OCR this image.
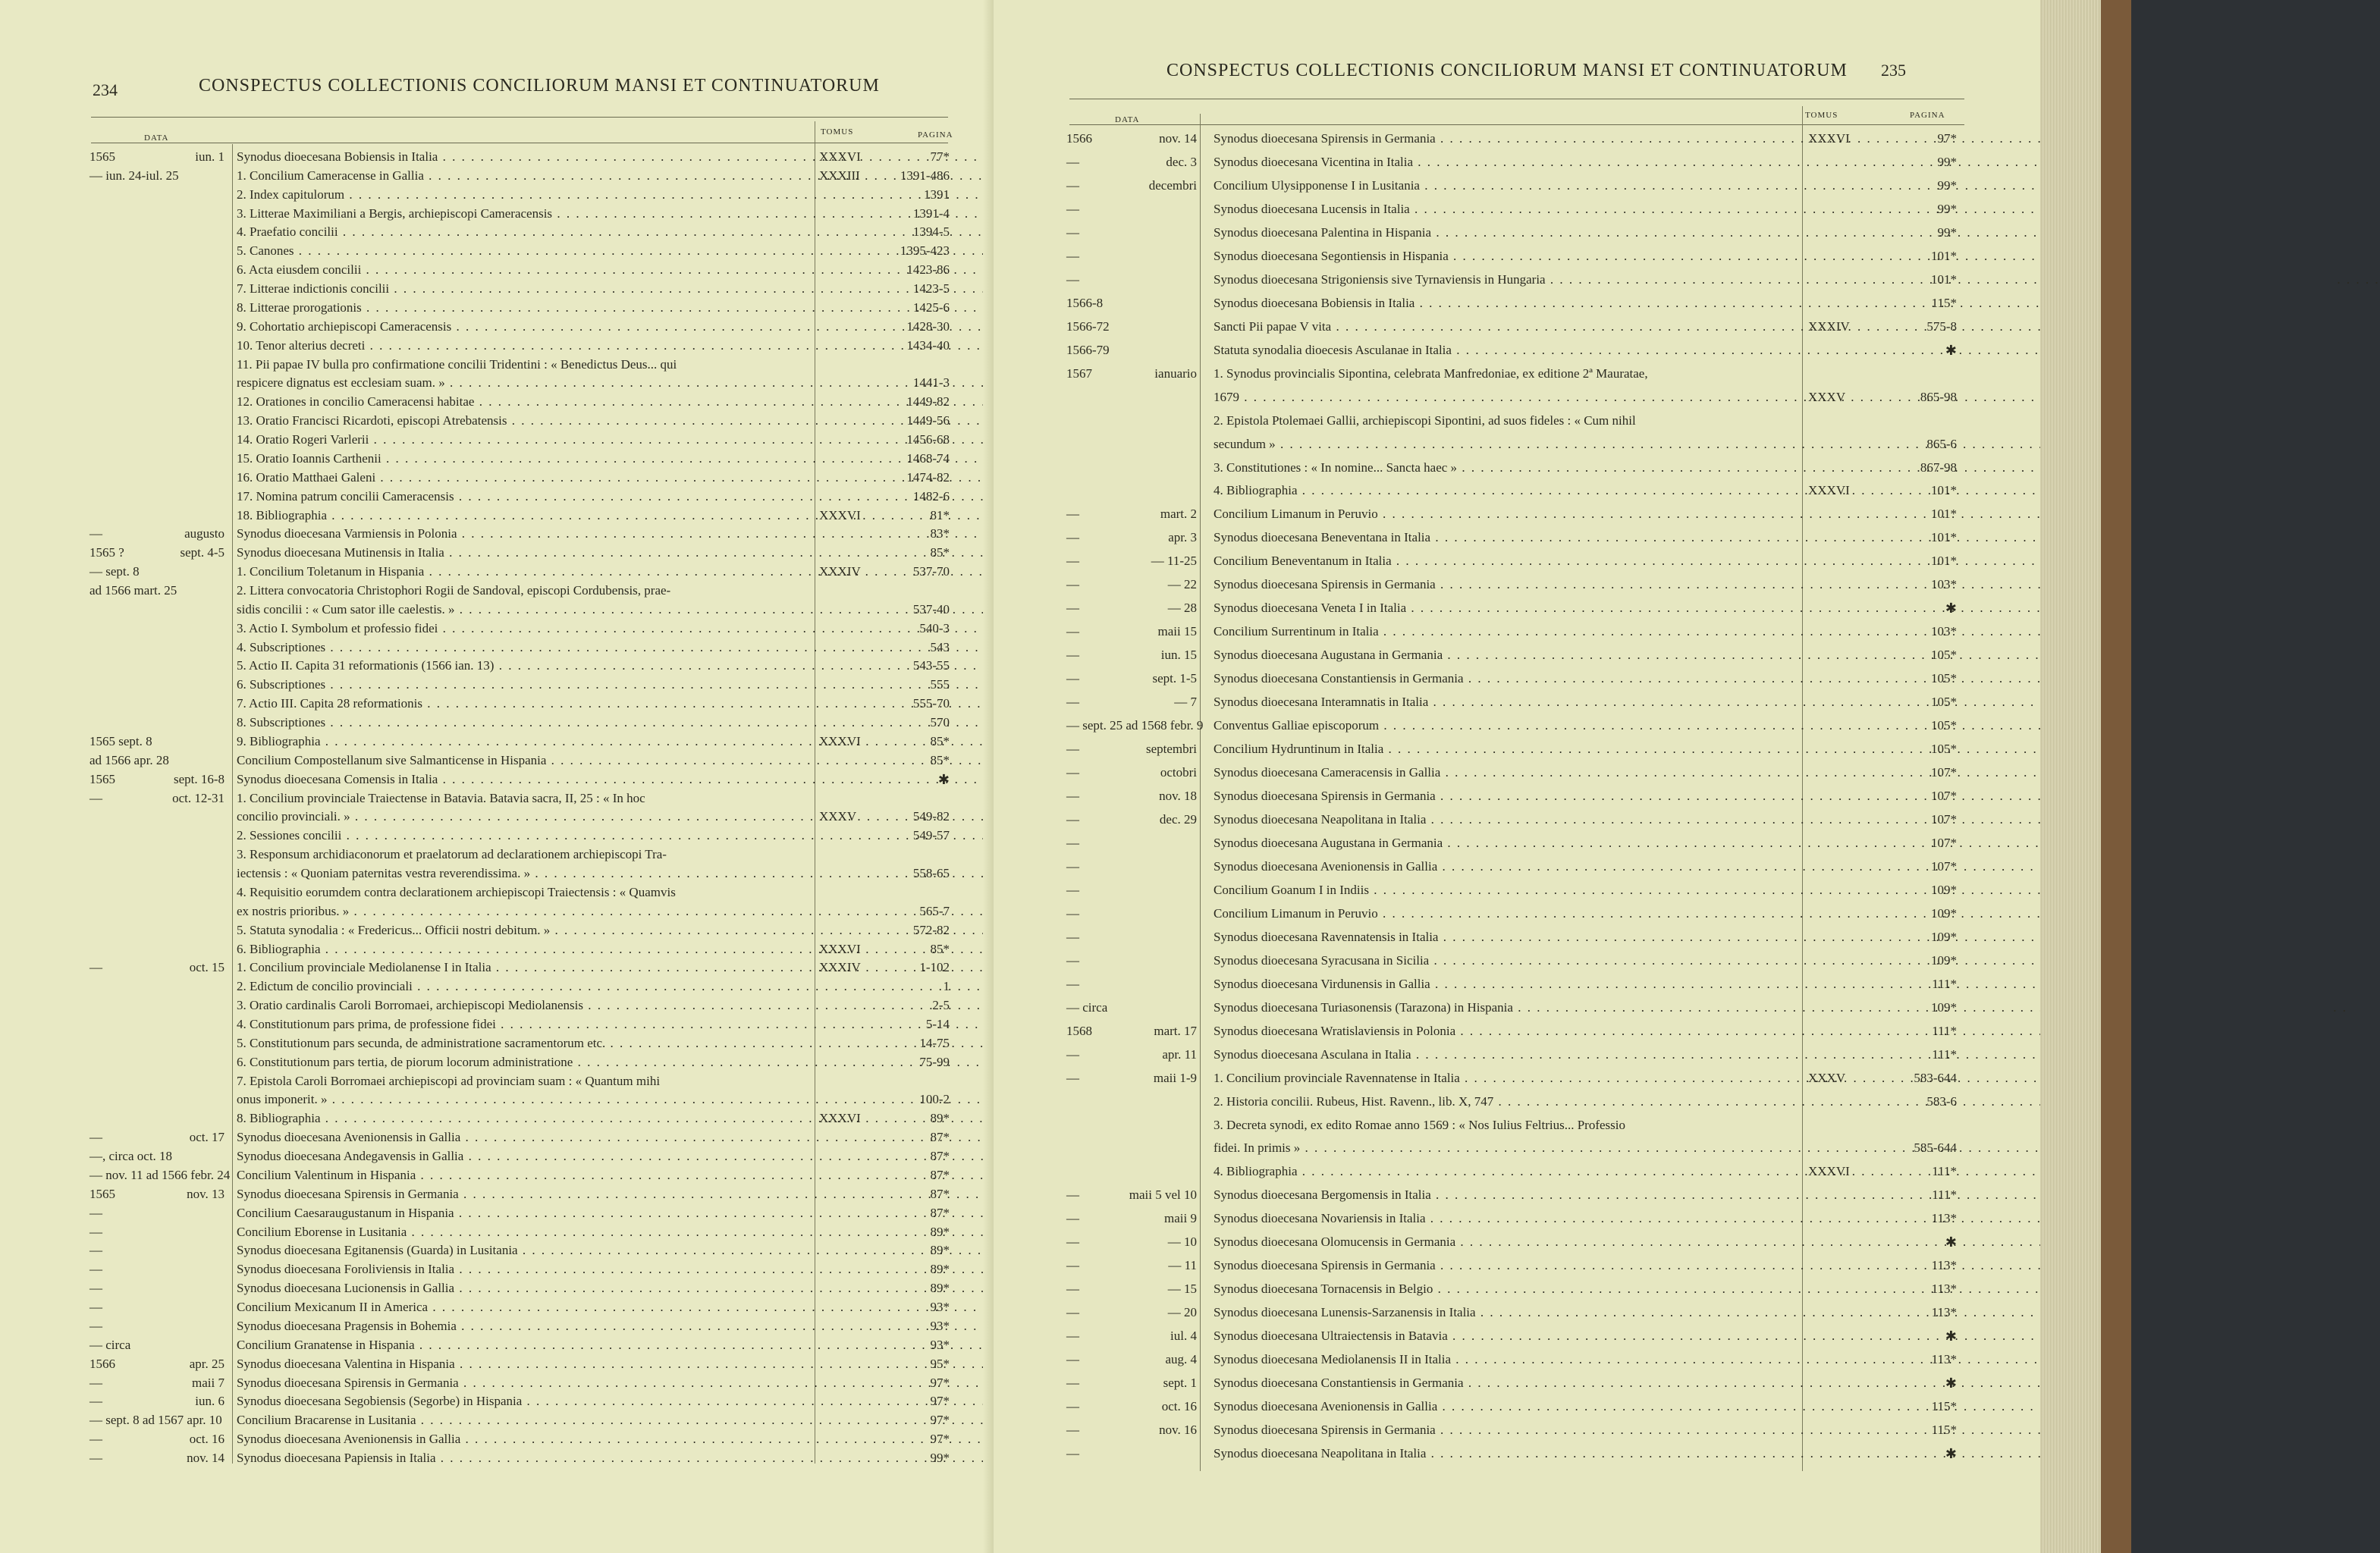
234	CONSPECTUS COLLECTIONIS CONCILIORUM MANSI ET CONTINUATORUM
DATA
TOMUS	PAGINA
1565	iun. 1 Synodus dioecesana Bobiensis in Italia . . .	XXXVI	77*
— iun. 24-iul. 25	1. Concilium Cameracense in Gallia . . .	XXXIII	1391-486
2. Index capitulorum . . .	1391
3. Litterae Maximiliani a Bergis, archiepiscopi Cameracensis . . .	1391-4
4. Praefatio concilii . . .	1394-5
5. Canones . . .	1395-423
6. Acta eiusdem concilii . . .	1423-86
7. Litterae indictionis concilii . . .	1423-5
8. Litterae prorogationis . . .	1425-6
9. Cohortatio archiepiscopi Cameracensis . . .	1428-30
10. Tenor alterius decreti . . .	1434-40
11. Pii papae IV bulla pro confirmatione concilii Tridentini : « Benedictus Deus... qui
respicere dignatus est ecclesiam suam. » . . .	1441-3
12. Orationes in concilio Cameracensi habitae . . .	1449-82
13. Oratio Francisci Ricardoti, episcopi Atrebatensis . . .	1449-56
14. Oratio Rogeri Varlerii . . .	1456-68
15. Oratio Ioannis Carthenii . . .	1468-74
16. Oratio Matthaei Galeni . . .	1474-82
17. Nomina patrum concilii Cameracensis . . .	1482-6
18. Bibliographia . . .	XXXVI	81*
—	augusto Synodus dioecesana Varmiensis in Polonia . . .	83*
1565 ?	sept. 4-5 Synodus dioecesana Mutinensis in Italia . . .	85*
— sept. 8	1. Concilium Toletanum in Hispania . . .	XXXIV	537-70
ad 1566 mart. 25	2. Littera convocatoria Christophori Rogii de Sandoval, episcopi Cordubensis, prae-
sidis concilii : « Cum sator ille caelestis. » . . .	537-40
3. Actio I. Symbolum et professio fidei . . .	540-3
4. Subscriptiones . . .	543
5. Actio II. Capita 31 reformationis (1566 ian. 13) . . .	543-55
6. Subscriptiones . . .	555
7. Actio III. Capita 28 reformationis . . .	555-70
8. Subscriptiones . . .	570
1565 sept. 8	9. Bibliographia . . .	XXXVI	85*
ad 1566 apr. 28	Concilium Compostellanum sive Salmanticense in Hispania . . .	85*
1565	sept. 16-8 Synodus dioecesana Comensis in Italia . . .	✱
—	oct. 12-31 1. Concilium provinciale Traiectense in Batavia. Batavia sacra, II, 25 : « In hoc
concilio provinciali. » . . .	XXXV	549-82
2. Sessiones concilii . . .	549-57
3. Responsum archidiaconorum et praelatorum ad declarationem archiepiscopi Tra-
iectensis : « Quoniam paternitas vestra reverendissima. » . . .	558-65
4. Requisitio eorumdem contra declarationem archiepiscopi Traiectensis : « Quamvis
ex nostris prioribus. » . . .	565-7
5. Statuta synodalia : « Fredericus... Officii nostri debitum. » . . .	572-82
6. Bibliographia . . .	XXXVI	85*
—	oct. 15 1. Concilium provinciale Mediolanense I in Italia . . .	XXXIV	1-102
2. Edictum de concilio provinciali . . .	1
3. Oratio cardinalis Caroli Borromaei, archiepiscopi Mediolanensis . . .	2-5
4. Constitutionum pars prima, de professione fidei . . .	5-14
5. Constitutionum pars secunda, de administratione sacramentorum etc. . . .	14-75
6. Constitutionum pars tertia, de piorum locorum administratione . . .	75-99
7. Epistola Caroli Borromaei archiepiscopi ad provinciam suam : « Quantum mihi
onus imponerit. » . . .	100-2
8. Bibliographia . . .	XXXVI	89*
—	oct. 17 Synodus dioecesana Avenionensis in Gallia . . .	87*
—, circa oct. 18	Synodus dioecesana Andegavensis in Gallia . . .	87*
— nov. 11 ad 1566 febr. 24 Concilium Valentinum in Hispania . . .	87*
1565	nov. 13 Synodus dioecesana Spirensis in Germania . . .	87*
—	Concilium Caesaraugustanum in Hispania . . .	87*
—	Concilium Eborense in Lusitania . . .	89*
—	Synodus dioecesana Egitanensis (Guarda) in Lusitania . . .	89*
—	Synodus dioecesana Foroliviensis in Italia . . .	89*
—	Synodus dioecesana Lucionensis in Gallia . . .	89*
—	Concilium Mexicanum II in America . . .	93*
—	Synodus dioecesana Pragensis in Bohemia . . .	93*
— circa	Concilium Granatense in Hispania . . .	93*
1566	apr. 25 Synodus dioecesana Valentina in Hispania . . .	95*
—	maii 7 Synodus dioecesana Spirensis in Germania . . .	97*
—	iun. 6 Synodus dioecesana Segobiensis (Segorbe) in Hispania . . .	97*
— sept. 8 ad 1567 apr. 10 Concilium Bracarense in Lusitania . . .	97*
—	oct. 16 Synodus dioecesana Avenionensis in Gallia . . .	97*
—	nov. 14 Synodus dioecesana Papiensis in Italia . . .	99*
CONSPECTUS COLLECTIONIS CONCILIORUM MANSI ET CONTINUATORUM 235
DATA	TOMUS	PAGINA
1566	nov. 14 Synodus dioecesana Spirensis in Germania . . .	XXXVI	97*
—	dec. 3 Synodus dioecesana Vicentina in Italia . . .	99*
—	decembri Concilium Ulysipponense I in Lusitania . . .	99*
—	Synodus dioecesana Lucensis in Italia . . .	99*
—	Synodus dioecesana Palentina in Hispania . . .	99*
—	Synodus dioecesana Segontiensis in Hispania . . .	101*
—	Synodus dioecesana Strigoniensis sive Tyrnaviensis in Hungaria . . .	101*
1566-8	Synodus dioecesana Bobiensis in Italia . . .	115*
1566-72	Sancti Pii papae V vita . . .	XXXIV	575-8
1566-79	Statuta synodalia dioecesis Asculanae in Italia . . .	✱
1567	ianuario 1. Synodus provincialis Sipontina, celebrata Manfredoniae, ex editione 2ª Mauratae,
1679 . . .	XXXV	865-98
2. Epistola Ptolemaei Gallii, archiepiscopi Sipontini, ad suos fideles : « Cum nihil
secundum » . . .	865-6
3. Constitutiones : « In nomine... Sancta haec » . . .	867-98
4. Bibliographia . . .	XXXVI	101*
—	mart. 2 Concilium Limanum in Peruvio . . .	101*
—	apr. 3 Synodus dioecesana Beneventana in Italia . . .	101*
—	— 11-25 Concilium Beneventanum in Italia . . .	101*
—	— 22 Synodus dioecesana Spirensis in Germania . . .	103*
—	— 28 Synodus dioecesana Veneta I in Italia . . .	✱
—	maii 15 Concilium Surrentinum in Italia . . .	103*
—	iun. 15 Synodus dioecesana Augustana in Germania . . .	105*
—	sept. 1-5 Synodus dioecesana Constantiensis in Germania . . .	105*
—	— 7 Synodus dioecesana Interamnatis in Italia . . .	105*
— sept. 25 ad 1568 febr. 9 Conventus Galliae episcoporum . . .	105*
—	septembri Concilium Hydruntinum in Italia . . .	105*
—	octobri Synodus dioecesana Cameracensis in Gallia . . .	107*
—	nov. 18 Synodus dioecesana Spirensis in Germania . . .	107*
—	dec. 29 Synodus dioecesana Neapolitana in Italia . . .	107*
—	Synodus dioecesana Augustana in Germania . . .	107*
—	Synodus dioecesana Avenionensis in Gallia . . .	107*
—	Concilium Goanum I in Indiis . . .	109*
—	Concilium Limanum in Peruvio . . .	109*
—	Synodus dioecesana Ravennatensis in Italia . . .	109*
—	Synodus dioecesana Syracusana in Sicilia . . .	109*
—	Synodus dioecesana Virdunensis in Gallia . . .	111*
— circa	Synodus dioecesana Turiasonensis (Tarazona) in Hispania . . .	109*
1568	mart. 17 Synodus dioecesana Wratislaviensis in Polonia . . .	111*
—	apr. 11 Synodus dioecesana Asculana in Italia . . .	111*
—	maii 1-9 1. Concilium provinciale Ravennatense in Italia . . .	XXXV	583-644
2. Historia concilii. Rubeus, Hist. Ravenn., lib. X, 747 . . .	583-6
3. Decreta synodi, ex edito Romae anno 1569 : « Nos Iulius Feltrius... Professio
fidei. In primis » . . .	585-644
4. Bibliographia . . .	XXXVI	111*
—	maii 5 vel 10 Synodus dioecesana Bergomensis in Italia . . .	111*
—	maii 9 Synodus dioecesana Novariensis in Italia . . .	113*
—	— 10 Synodus dioecesana Olomucensis in Germania . . .	✱
—	— 11 Synodus dioecesana Spirensis in Germania . . .	113*
—	— 15 Synodus dioecesana Tornacensis in Belgio . . .	113*
—	— 20 Synodus dioecesana Lunensis-Sarzanensis in Italia . . .	113*
—	iul. 4 Synodus dioecesana Ultraiectensis in Batavia . . .	✱
—	aug. 4 Synodus dioecesana Mediolanensis II in Italia . . .	113*
—	sept. 1 Synodus dioecesana Constantiensis in Germania . . .	✱
—	oct. 16 Synodus dioecesana Avenionensis in Gallia . . .	115*
—	nov. 16 Synodus dioecesana Spirensis in Germania . . .	115*
—	Synodus dioecesana Neapolitana in Italia . . .	✱
